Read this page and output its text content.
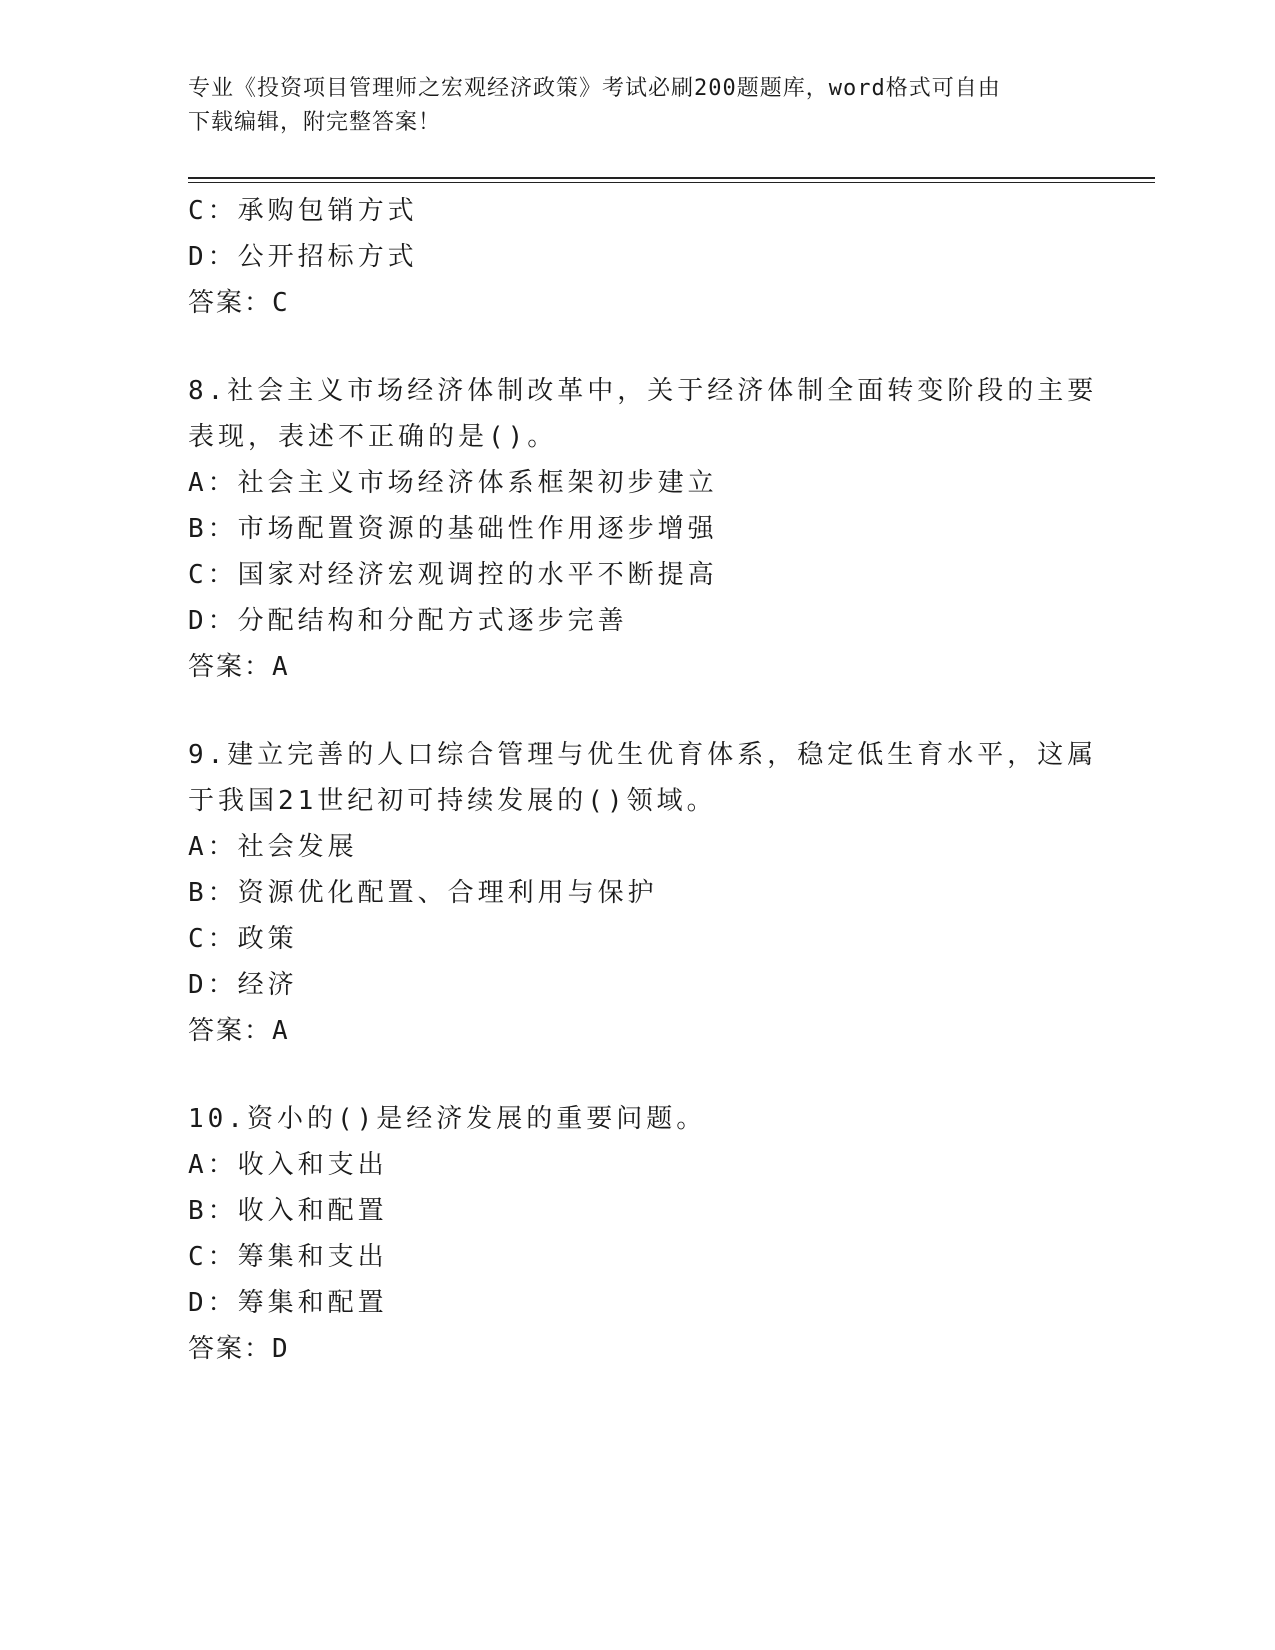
专业《投资项目管理师之宏观经济政策》考试必刷200题题库，word格式可自由
下载编辑，附完整答案！
C：承购包销方式
D：公开招标方式
答案：C
8.社会主义市场经济体制改革中，关于经济体制全面转变阶段的主要
表现，表述不正确的是()。
A：社会主义市场经济体系框架初步建立
B：市场配置资源的基础性作用逐步增强
C：国家对经济宏观调控的水平不断提高
D：分配结构和分配方式逐步完善
答案：A
9.建立完善的人口综合管理与优生优育体系，稳定低生育水平，这属
于我国21世纪初可持续发展的()领域。
A：社会发展
B：资源优化配置、合理利用与保护
C：政策
D：经济
答案：A
10.资小的()是经济发展的重要问题。
A：收入和支出
B：收入和配置
C：筹集和支出
D：筹集和配置
答案：D
